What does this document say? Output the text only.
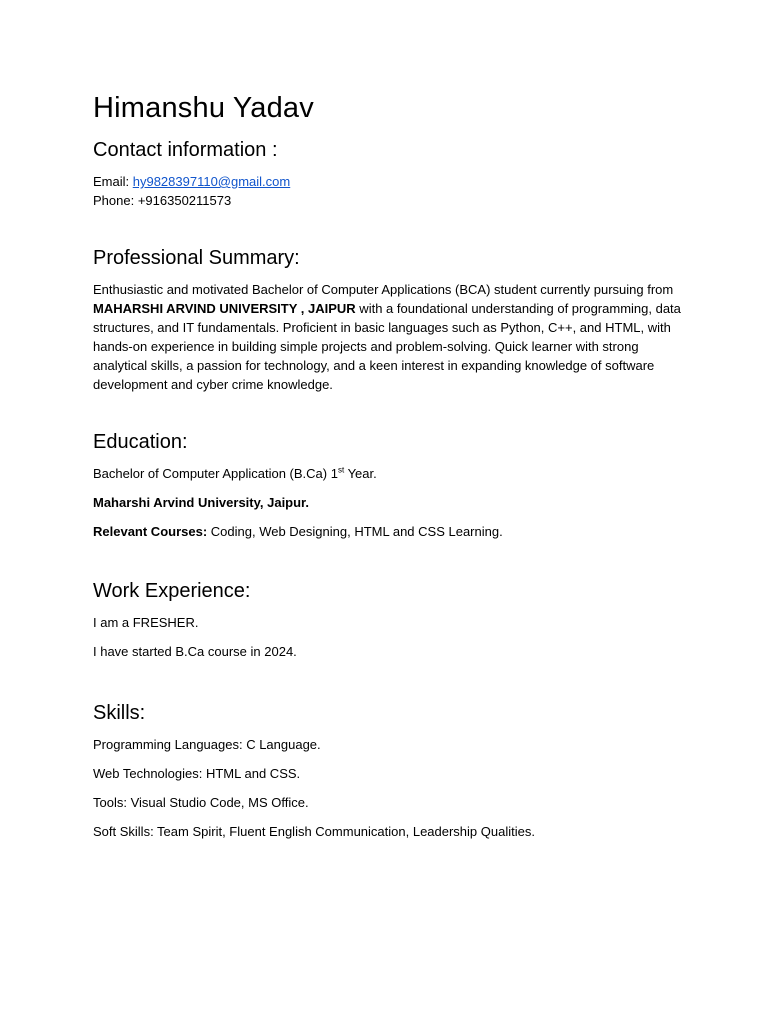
Himanshu Yadav
Contact information :

Email: hy9828397110@gmail.com

Phone: +916350211573

Professional Summary:

Enthusiastic and motivated Bachelor of Computer Applications (BCA) student currently pursuing from MAHARSHI ARVIND UNIVERSITY , JAIPUR with a foundational understanding of programming, data structures, and IT fundamentals. Proficient in basic languages such as Python, C++, and HTML, with hands-on experience in building simple projects and problem-solving. Quick learner with strong analytical skills, a passion for technology, and a keen interest in expanding knowledge of software development and cyber crime knowledge.

Education:

Bachelor of Computer Application (B.Ca) 1st Year.

Maharshi Arvind University, Jaipur.

Relevant Courses: Coding, Web Designing, HTML and CSS Learning.

Work Experience:

I am a FRESHER.

I have started B.Ca course in 2024.

Skills:

Programming Languages: C Language.

Web Technologies: HTML and CSS.

Tools: Visual Studio Code, MS Office.

Soft Skills: Team Spirit, Fluent English Communication, Leadership Qualities.
